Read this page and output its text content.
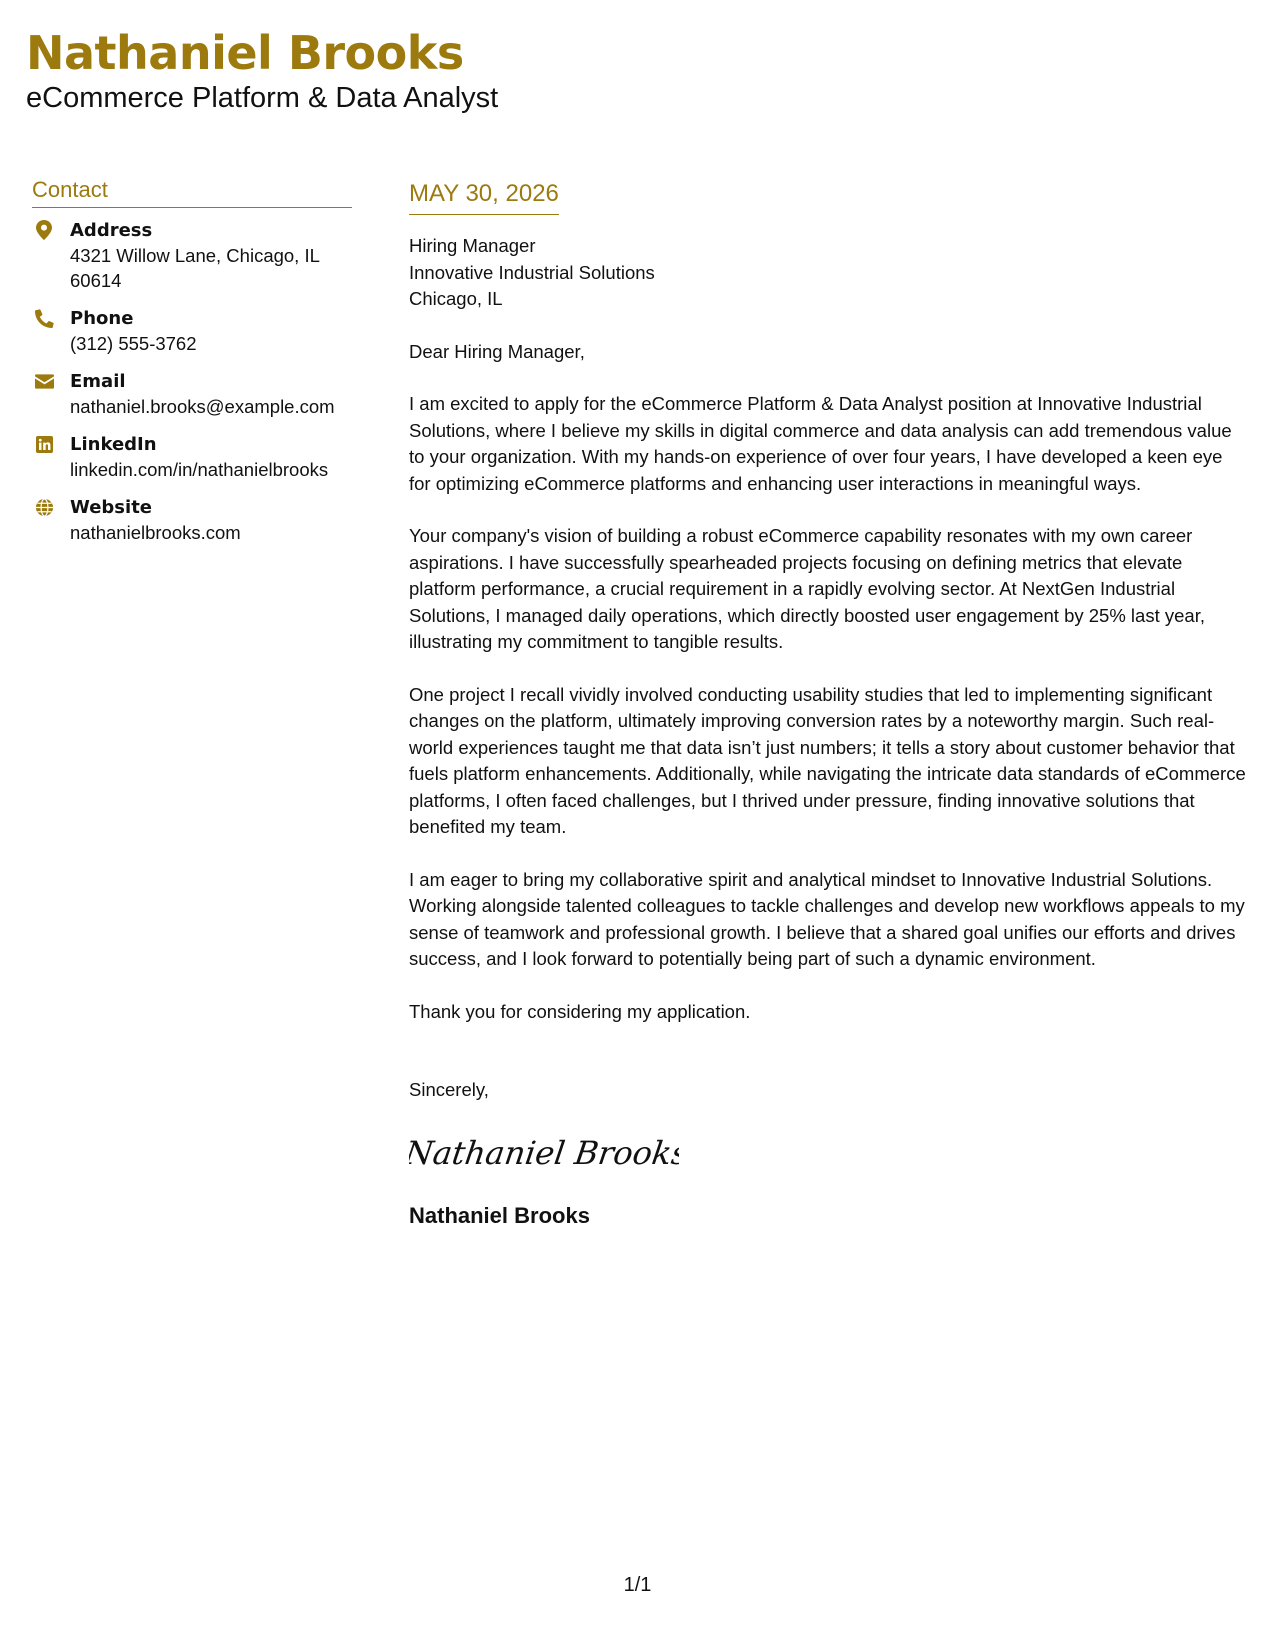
Nathaniel Brooks
eCommerce Platform & Data Analyst
Contact
Address
4321 Willow Lane, Chicago, IL 60614
Phone
(312) 555-3762
Email
nathaniel.brooks@example.com
LinkedIn
linkedin.com/in/nathanielbrooks
Website
nathanielbrooks.com
MAY 30, 2026
Hiring Manager
Innovative Industrial Solutions
Chicago, IL
Dear Hiring Manager,
I am excited to apply for the eCommerce Platform & Data Analyst position at Innovative Industrial Solutions, where I believe my skills in digital commerce and data analysis can add tremendous value to your organization. With my hands-on experience of over four years, I have developed a keen eye for optimizing eCommerce platforms and enhancing user interactions in meaningful ways.
Your company's vision of building a robust eCommerce capability resonates with my own career aspirations. I have successfully spearheaded projects focusing on defining metrics that elevate platform performance, a crucial requirement in a rapidly evolving sector. At NextGen Industrial Solutions, I managed daily operations, which directly boosted user engagement by 25% last year, illustrating my commitment to tangible results.
One project I recall vividly involved conducting usability studies that led to implementing significant changes on the platform, ultimately improving conversion rates by a noteworthy margin. Such real-world experiences taught me that data isn’t just numbers; it tells a story about customer behavior that fuels platform enhancements. Additionally, while navigating the intricate data standards of eCommerce platforms, I often faced challenges, but I thrived under pressure, finding innovative solutions that benefited my team.
I am eager to bring my collaborative spirit and analytical mindset to Innovative Industrial Solutions. Working alongside talented colleagues to tackle challenges and develop new workflows appeals to my sense of teamwork and professional growth. I believe that a shared goal unifies our efforts and drives success, and I look forward to potentially being part of such a dynamic environment.
Thank you for considering my application.
Sincerely,
Nathaniel Brooks
Nathaniel Brooks
1/1
